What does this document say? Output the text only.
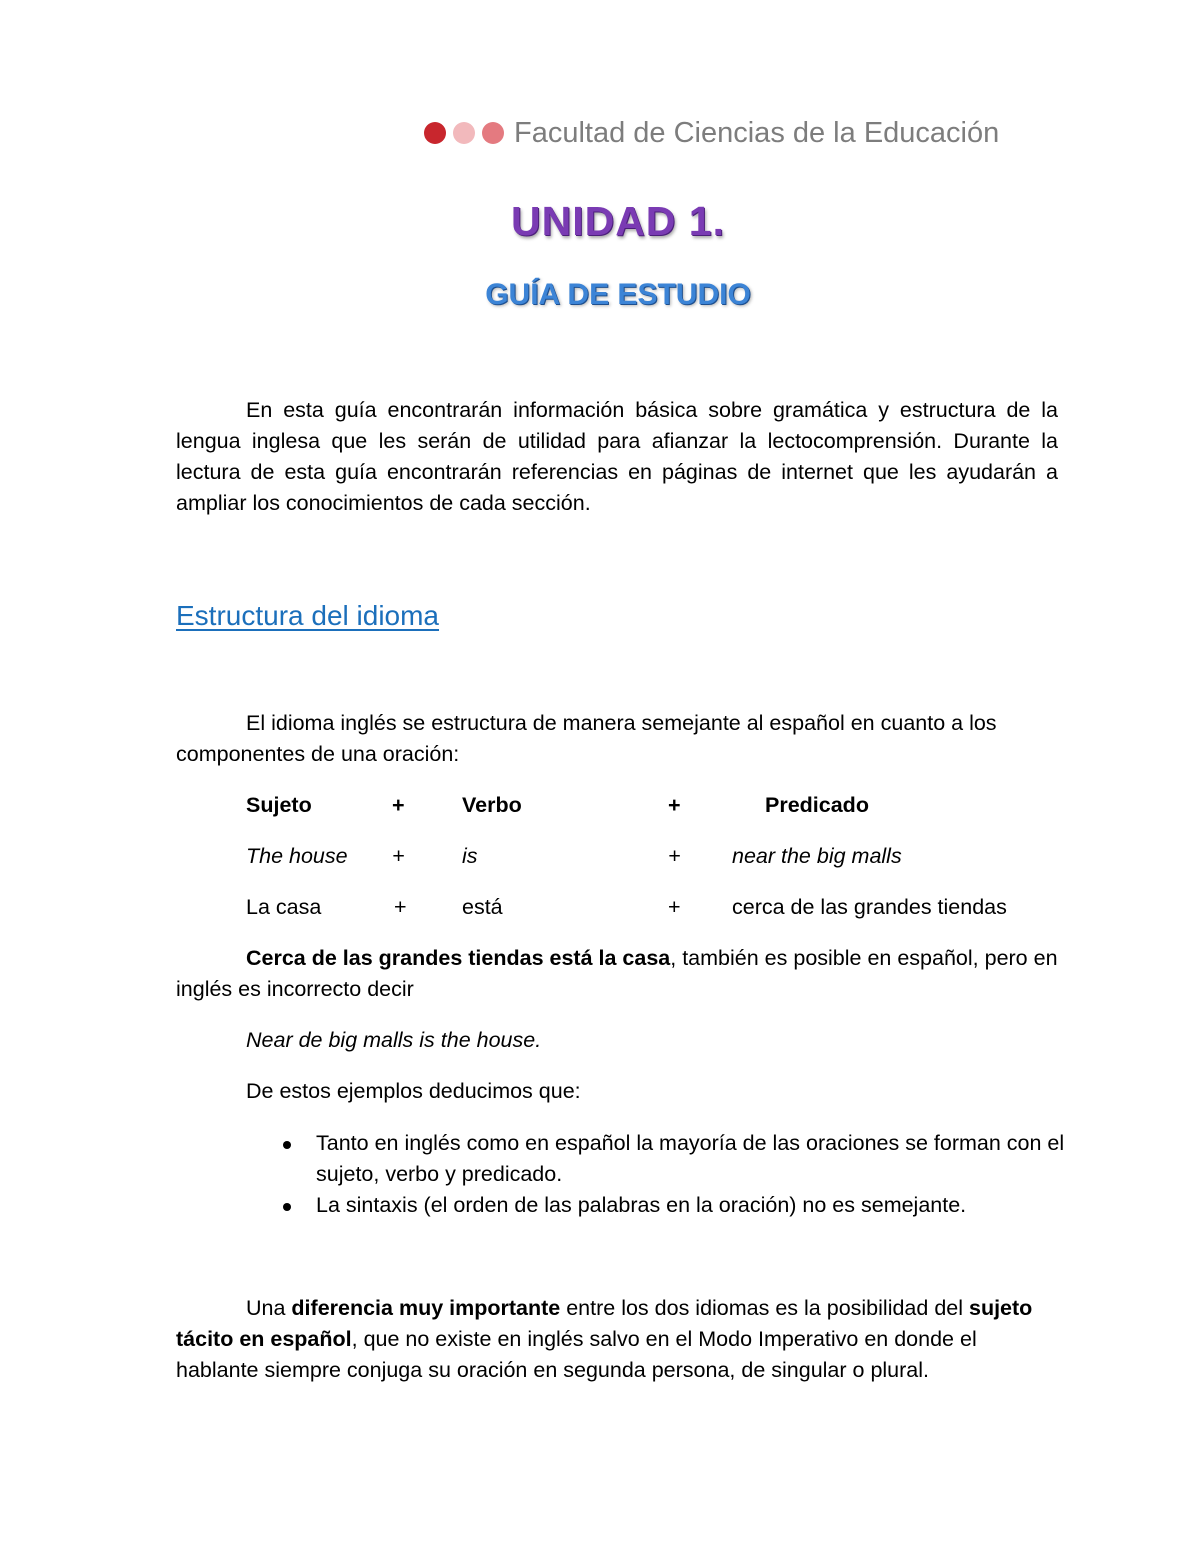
Facultad de Ciencias de la Educación
UNIDAD 1.
GUÍA DE ESTUDIO
En esta guía encontrarán información básica sobre gramática y estructura de la lengua inglesa que les serán de utilidad para afianzar la lectocomprensión. Durante la lectura de esta guía encontrarán referencias en páginas de internet que les ayudarán a ampliar los conocimientos de cada sección.
Estructura del idioma
El idioma inglés se estructura de manera semejante al español en cuanto a los componentes de una oración:
Sujeto	+	Verbo	+	Predicado
The house +	is	+ near the big malls
La casa	+	está	+ cerca de las grandes tiendas
Cerca de las grandes tiendas está la casa, también es posible en español, pero en inglés es incorrecto decir
Near de big malls is the house.
De estos ejemplos deducimos que:
Tanto en inglés como en español la mayoría de las oraciones se forman con el sujeto, verbo y predicado.
La sintaxis (el orden de las palabras en la oración) no es semejante.
Una diferencia muy importante entre los dos idiomas es la posibilidad del sujeto tácito en español, que no existe en inglés salvo en el Modo Imperativo en donde el hablante siempre conjuga su oración en segunda persona, de singular o plural.
